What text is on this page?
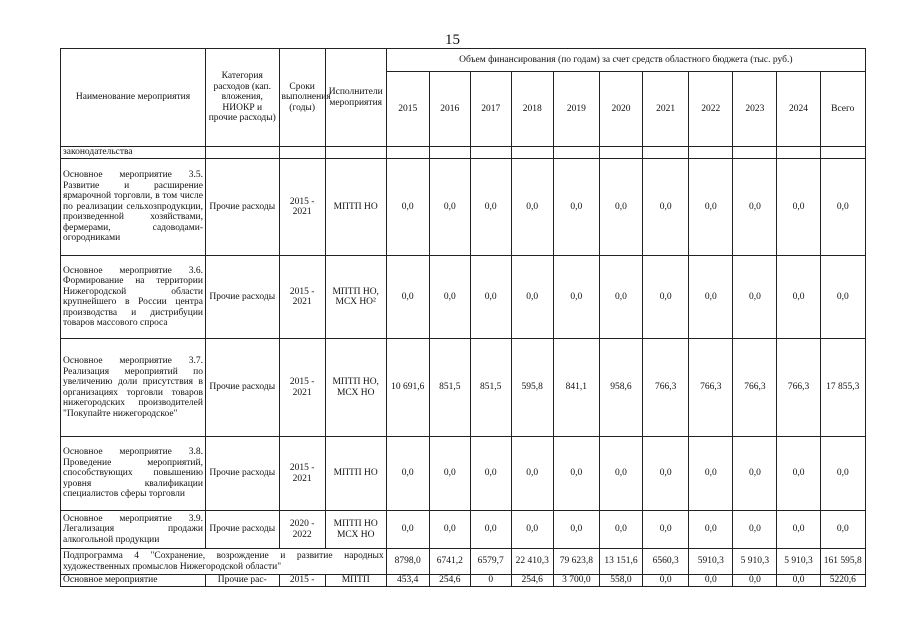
15
Наименование мероприятия	Категория расходов (кап. вложения, НИОКР и прочие расходы)	Сроки выполнения (годы)	Исполнители мероприятия	Объем финансирования (по годам) за счет средств областного бюджета (тыс. руб.)										
				2015	2016	2017	2018	2019	2020	2021	2022	2023	2024	Всего
законодательства														
Основное мероприятие 3.5. Развитие и расширение ярмарочной торговли, в том числе по реализации сельхозпродукции, произведенной хозяйствами, фермерами, садоводами-огородниками	Прочие расходы	2015 - 2021	МПТП НО	0,0	0,0	0,0	0,0	0,0	0,0	0,0	0,0	0,0	0,0	0,0
Основное мероприятие 3.6. Формирование на территории Нижегородской области крупнейшего в России центра производства и дистрибуции товаров массового спроса	Прочие расходы	2015 - 2021	МПТП НО, МСХ НО²	0,0	0,0	0,0	0,0	0,0	0,0	0,0	0,0	0,0	0,0	0,0
Основное мероприятие 3.7. Реализация мероприятий по увеличению доли присутствия в организациях торговли товаров нижегородских производителей "Покупайте нижегородское"	Прочие расходы	2015 - 2021	МПТП НО, МСХ НО	10 691,6	851,5	851,5	595,8	841,1	958,6	766,3	766,3	766,3	766,3	17 855,3
Основное мероприятие 3.8. Проведение мероприятий, способствующих повышению уровня квалификации специалистов сферы торговли	Прочие расходы	2015 - 2021	МПТП НО	0,0	0,0	0,0	0,0	0,0	0,0	0,0	0,0	0,0	0,0	0,0
Основное мероприятие 3.9. Легализация продажи алкогольной продукции	Прочие расходы	2020 - 2022	МПТП НО МСХ НО	0,0	0,0	0,0	0,0	0,0	0,0	0,0	0,0	0,0	0,0	0,0
Подпрограмма 4 "Сохранение, возрождение и развитие народных художественных промыслов Нижегородской области"				8798,0	6741,2	6579,7	22 410,3	79 623,8	13 151,6	6560,3	5910,3	5 910,3	5 910,3	161 595,8
Основное мероприятие	Прочие рас-	2015 -	МПТП	453,4	254,6	0	254,6	3 700,0	558,0	0,0	0,0	0,0	0,0	5220,6
